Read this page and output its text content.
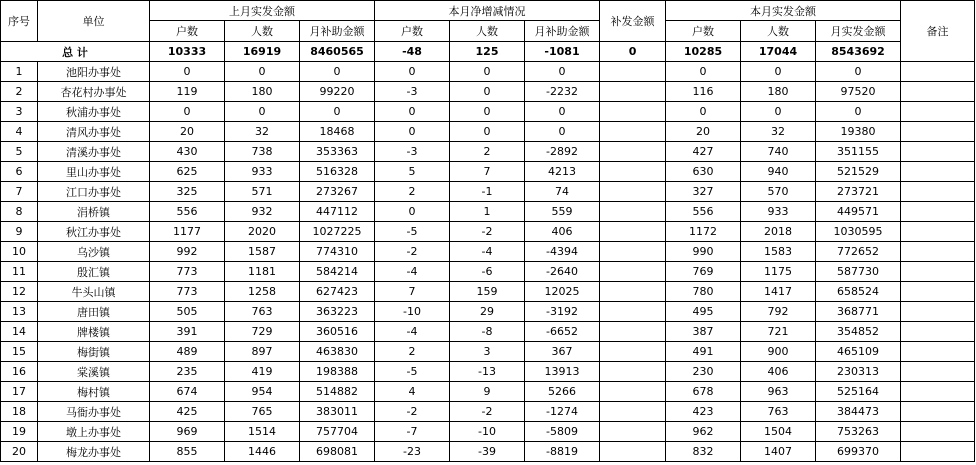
序号	单位	上月实发金额			本月净增减情况			补发金额	本月实发金额			备注
		户数	人数	月补助金额	户数	人数	月补助金额		户数	人数	月实发金额	
总 计		10333	16919	8460565	-48	125	-1081	0	10285	17044	8543692	
1	池阳办事处	0	0	0	0	0	0		0	0	0	
2	杏花村办事处	119	180	99220	-3	0	-2232		116	180	97520	
3	秋浦办事处	0	0	0	0	0	0		0	0	0	
4	清风办事处	20	32	18468	0	0	0		20	32	19380	
5	清溪办事处	430	738	353363	-3	2	-2892		427	740	351155	
6	里山办事处	625	933	516328	5	7	4213		630	940	521529	
7	江口办事处	325	571	273267	2	-1	74		327	570	273721	
8	涓桥镇	556	932	447112	0	1	559		556	933	449571	
9	秋江办事处	1177	2020	1027225	-5	-2	406		1172	2018	1030595	
10	乌沙镇	992	1587	774310	-2	-4	-4394		990	1583	772652	
11	殷汇镇	773	1181	584214	-4	-6	-2640		769	1175	587730	
12	牛头山镇	773	1258	627423	7	159	12025		780	1417	658524	
13	唐田镇	505	763	363223	-10	29	-3192		495	792	368771	
14	牌楼镇	391	729	360516	-4	-8	-6652		387	721	354852	
15	梅街镇	489	897	463830	2	3	367		491	900	465109	
16	棠溪镇	235	419	198388	-5	-13	13913		230	406	230313	
17	梅村镇	674	954	514882	4	9	5266		678	963	525164	
18	马衙办事处	425	765	383011	-2	-2	-1274		423	763	384473	
19	墩上办事处	969	1514	757704	-7	-10	-5809		962	1504	753263	
20	梅龙办事处	855	1446	698081	-23	-39	-8819		832	1407	699370	
